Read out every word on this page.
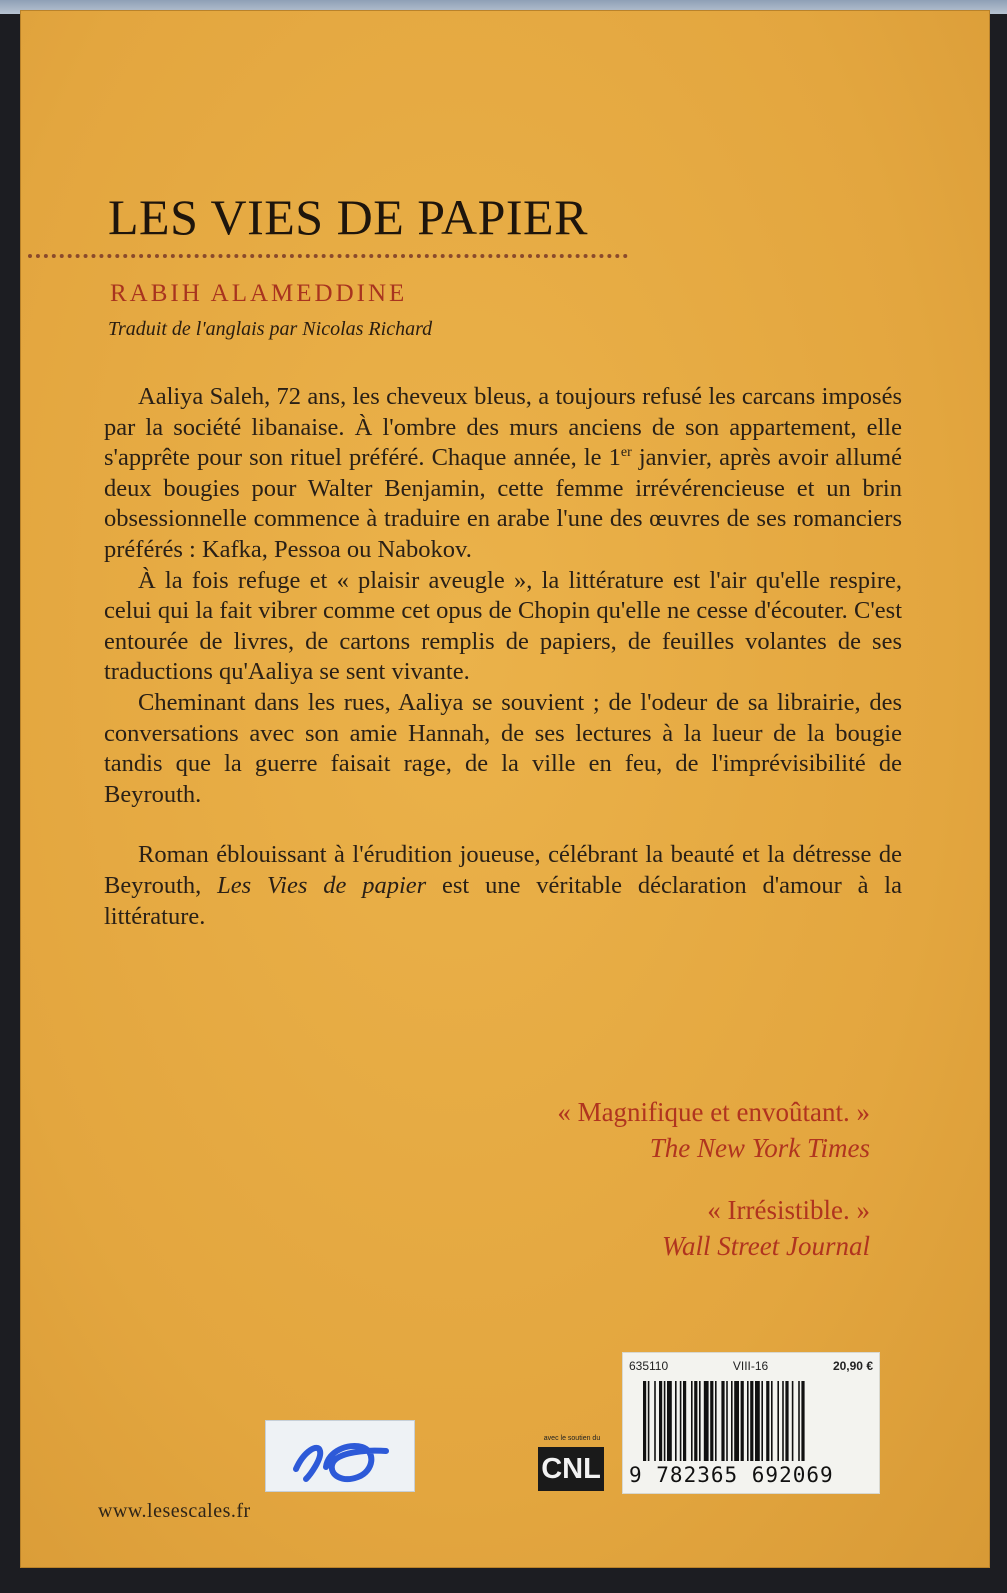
LES VIES DE PAPIER

RABIH ALAMEDDINE

Traduit de l'anglais par Nicolas Richard

Aaliya Saleh, 72 ans, les cheveux bleus, a toujours refusé les carcans imposés par la société libanaise. À l'ombre des murs anciens de son appartement, elle s'apprête pour son rituel préféré. Chaque année, le 1er janvier, après avoir allumé deux bougies pour Walter Benjamin, cette femme irrévérencieuse et un brin obsessionnelle commence à traduire en arabe l'une des œuvres de ses romanciers préférés : Kafka, Pessoa ou Nabokov.

À la fois refuge et « plaisir aveugle », la littérature est l'air qu'elle respire, celui qui la fait vibrer comme cet opus de Chopin qu'elle ne cesse d'écouter. C'est entourée de livres, de cartons remplis de papiers, de feuilles volantes de ses traductions qu'Aaliya se sent vivante.

Cheminant dans les rues, Aaliya se souvient ; de l'odeur de sa librairie, des conversations avec son amie Hannah, de ses lectures à la lueur de la bougie tandis que la guerre faisait rage, de la ville en feu, de l'imprévisibilité de Beyrouth.

Roman éblouissant à l'érudition joueuse, célébrant la beauté et la détresse de Beyrouth, Les Vies de papier est une véritable déclaration d'amour à la littérature.

« Magnifique et envoûtant. »

The New York Times

« Irrésistible. »

Wall Street Journal

avec le soutien du
CNL
635110	VIII-16	20,90 €
9 782365 692069

www.lesescales.fr
